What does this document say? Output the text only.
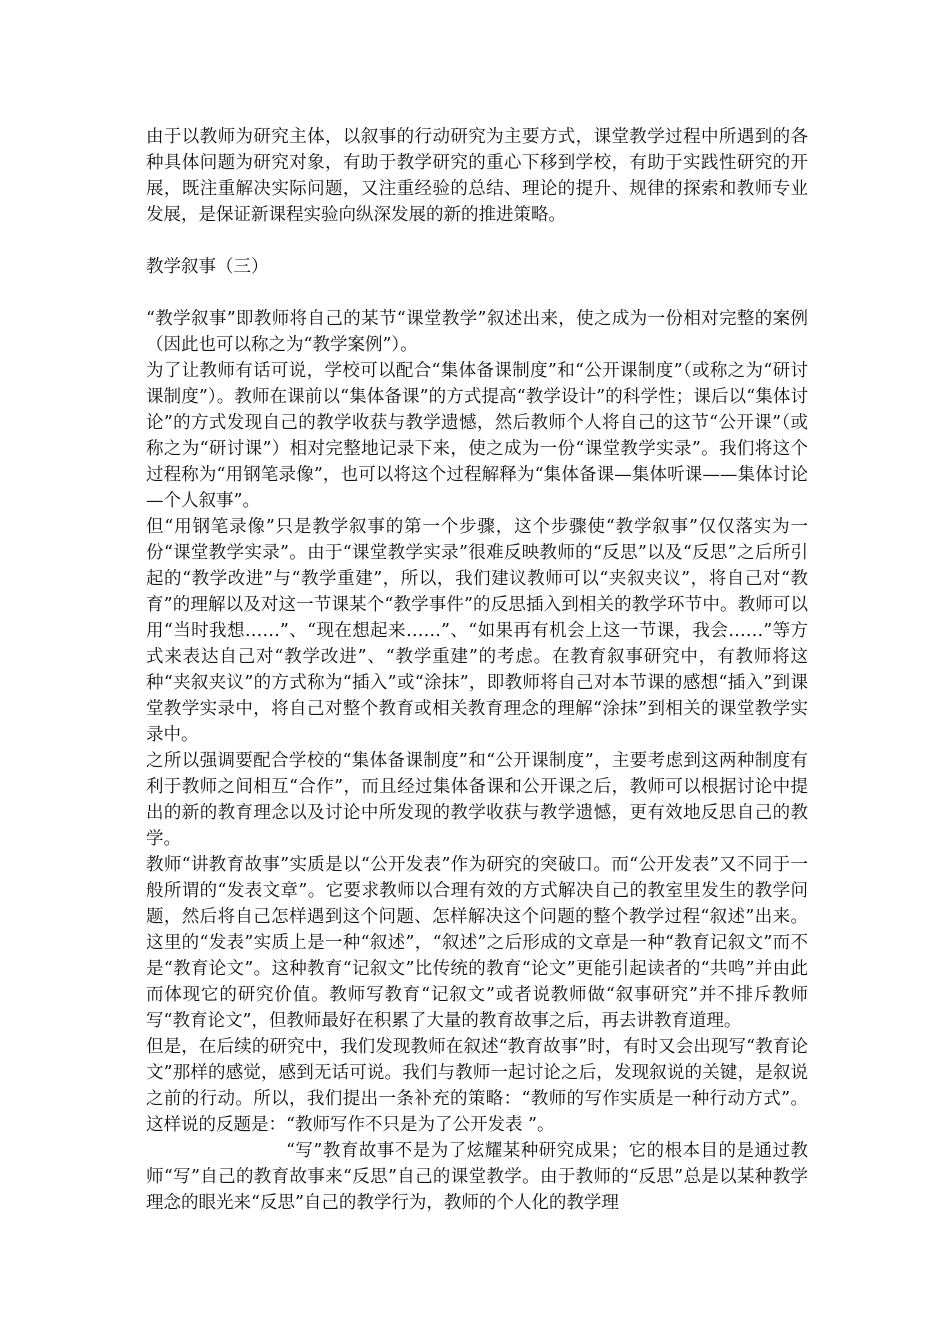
由于以教师为研究主体，以叙事的行动研究为主要方式，课堂教学过程中所遇到的各种具体问题为研究对象，有助于教学研究的重心下移到学校，有助于实践性研究的开展，既注重解决实际问题，又注重经验的总结、理论的提升、规律的探索和教师专业发展，是保证新课程实验向纵深发展的新的推进策略。

教学叙事（三）

“教学叙事”即教师将自己的某节“课堂教学”叙述出来，使之成为一份相对完整的案例（因此也可以称之为“教学案例”）。

为了让教师有话可说，学校可以配合“集体备课制度”和“公开课制度”（或称之为“研讨课制度”）。教师在课前以“集体备课”的方式提高“教学设计”的科学性；课后以“集体讨论”的方式发现自己的教学收获与教学遗憾，然后教师个人将自己的这节“公开课”（或称之为“研讨课”）相对完整地记录下来，使之成为一份“课堂教学实录”。我们将这个过程称为“用钢笔录像”，也可以将这个过程解释为“集体备课—集体听课——集体讨论—个人叙事”。

但“用钢笔录像”只是教学叙事的第一个步骤，这个步骤使“教学叙事”仅仅落实为一份“课堂教学实录”。由于“课堂教学实录”很难反映教师的“反思”以及“反思”之后所引起的“教学改进”与“教学重建”，所以，我们建议教师可以“夹叙夹议”，将自己对“教育”的理解以及对这一节课某个“教学事件”的反思插入到相关的教学环节中。教师可以用“当时我想……”、“现在想起来……”、“如果再有机会上这一节课，我会……”等方式来表达自己对“教学改进”、“教学重建”的考虑。在教育叙事研究中，有教师将这种“夹叙夹议”的方式称为“插入”或“涂抹”，即教师将自己对本节课的感想“插入”到课堂教学实录中，将自己对整个教育或相关教育理念的理解“涂抹”到相关的课堂教学实录中。

之所以强调要配合学校的“集体备课制度”和“公开课制度”，主要考虑到这两种制度有利于教师之间相互“合作”，而且经过集体备课和公开课之后，教师可以根据讨论中提出的新的教育理念以及讨论中所发现的教学收获与教学遗憾，更有效地反思自己的教学。

教师“讲教育故事”实质是以“公开发表”作为研究的突破口。而“公开发表”又不同于一般所谓的“发表文章”。它要求教师以合理有效的方式解决自己的教室里发生的教学问题，然后将自己怎样遇到这个问题、怎样解决这个问题的整个教学过程“叙述”出来。这里的“发表”实质上是一种“叙述”，“叙述”之后形成的文章是一种“教育记叙文”而不是“教育论文”。这种教育“记叙文”比传统的教育“论文”更能引起读者的“共鸣”并由此而体现它的研究价值。教师写教育“记叙文”或者说教师做“叙事研究”并不排斥教师写“教育论文”，但教师最好在积累了大量的教育故事之后，再去讲教育道理。

但是，在后续的研究中，我们发现教师在叙述“教育故事”时，有时又会出现写“教育论文”那样的感觉，感到无话可说。我们与教师一起讨论之后，发现叙说的关键，是叙说之前的行动。所以，我们提出一条补充的策略：“教师的写作实质是一种行动方式”。这样说的反题是：“教师写作不只是为了公开发表 ”。

“写”教育故事不是为了炫耀某种研究成果；它的根本目的是通过教师“写”自己的教育故事来“反思”自己的课堂教学。由于教师的“反思”总是以某种教学理念的眼光来“反思”自己的教学行为，教师的个人化的教学理
